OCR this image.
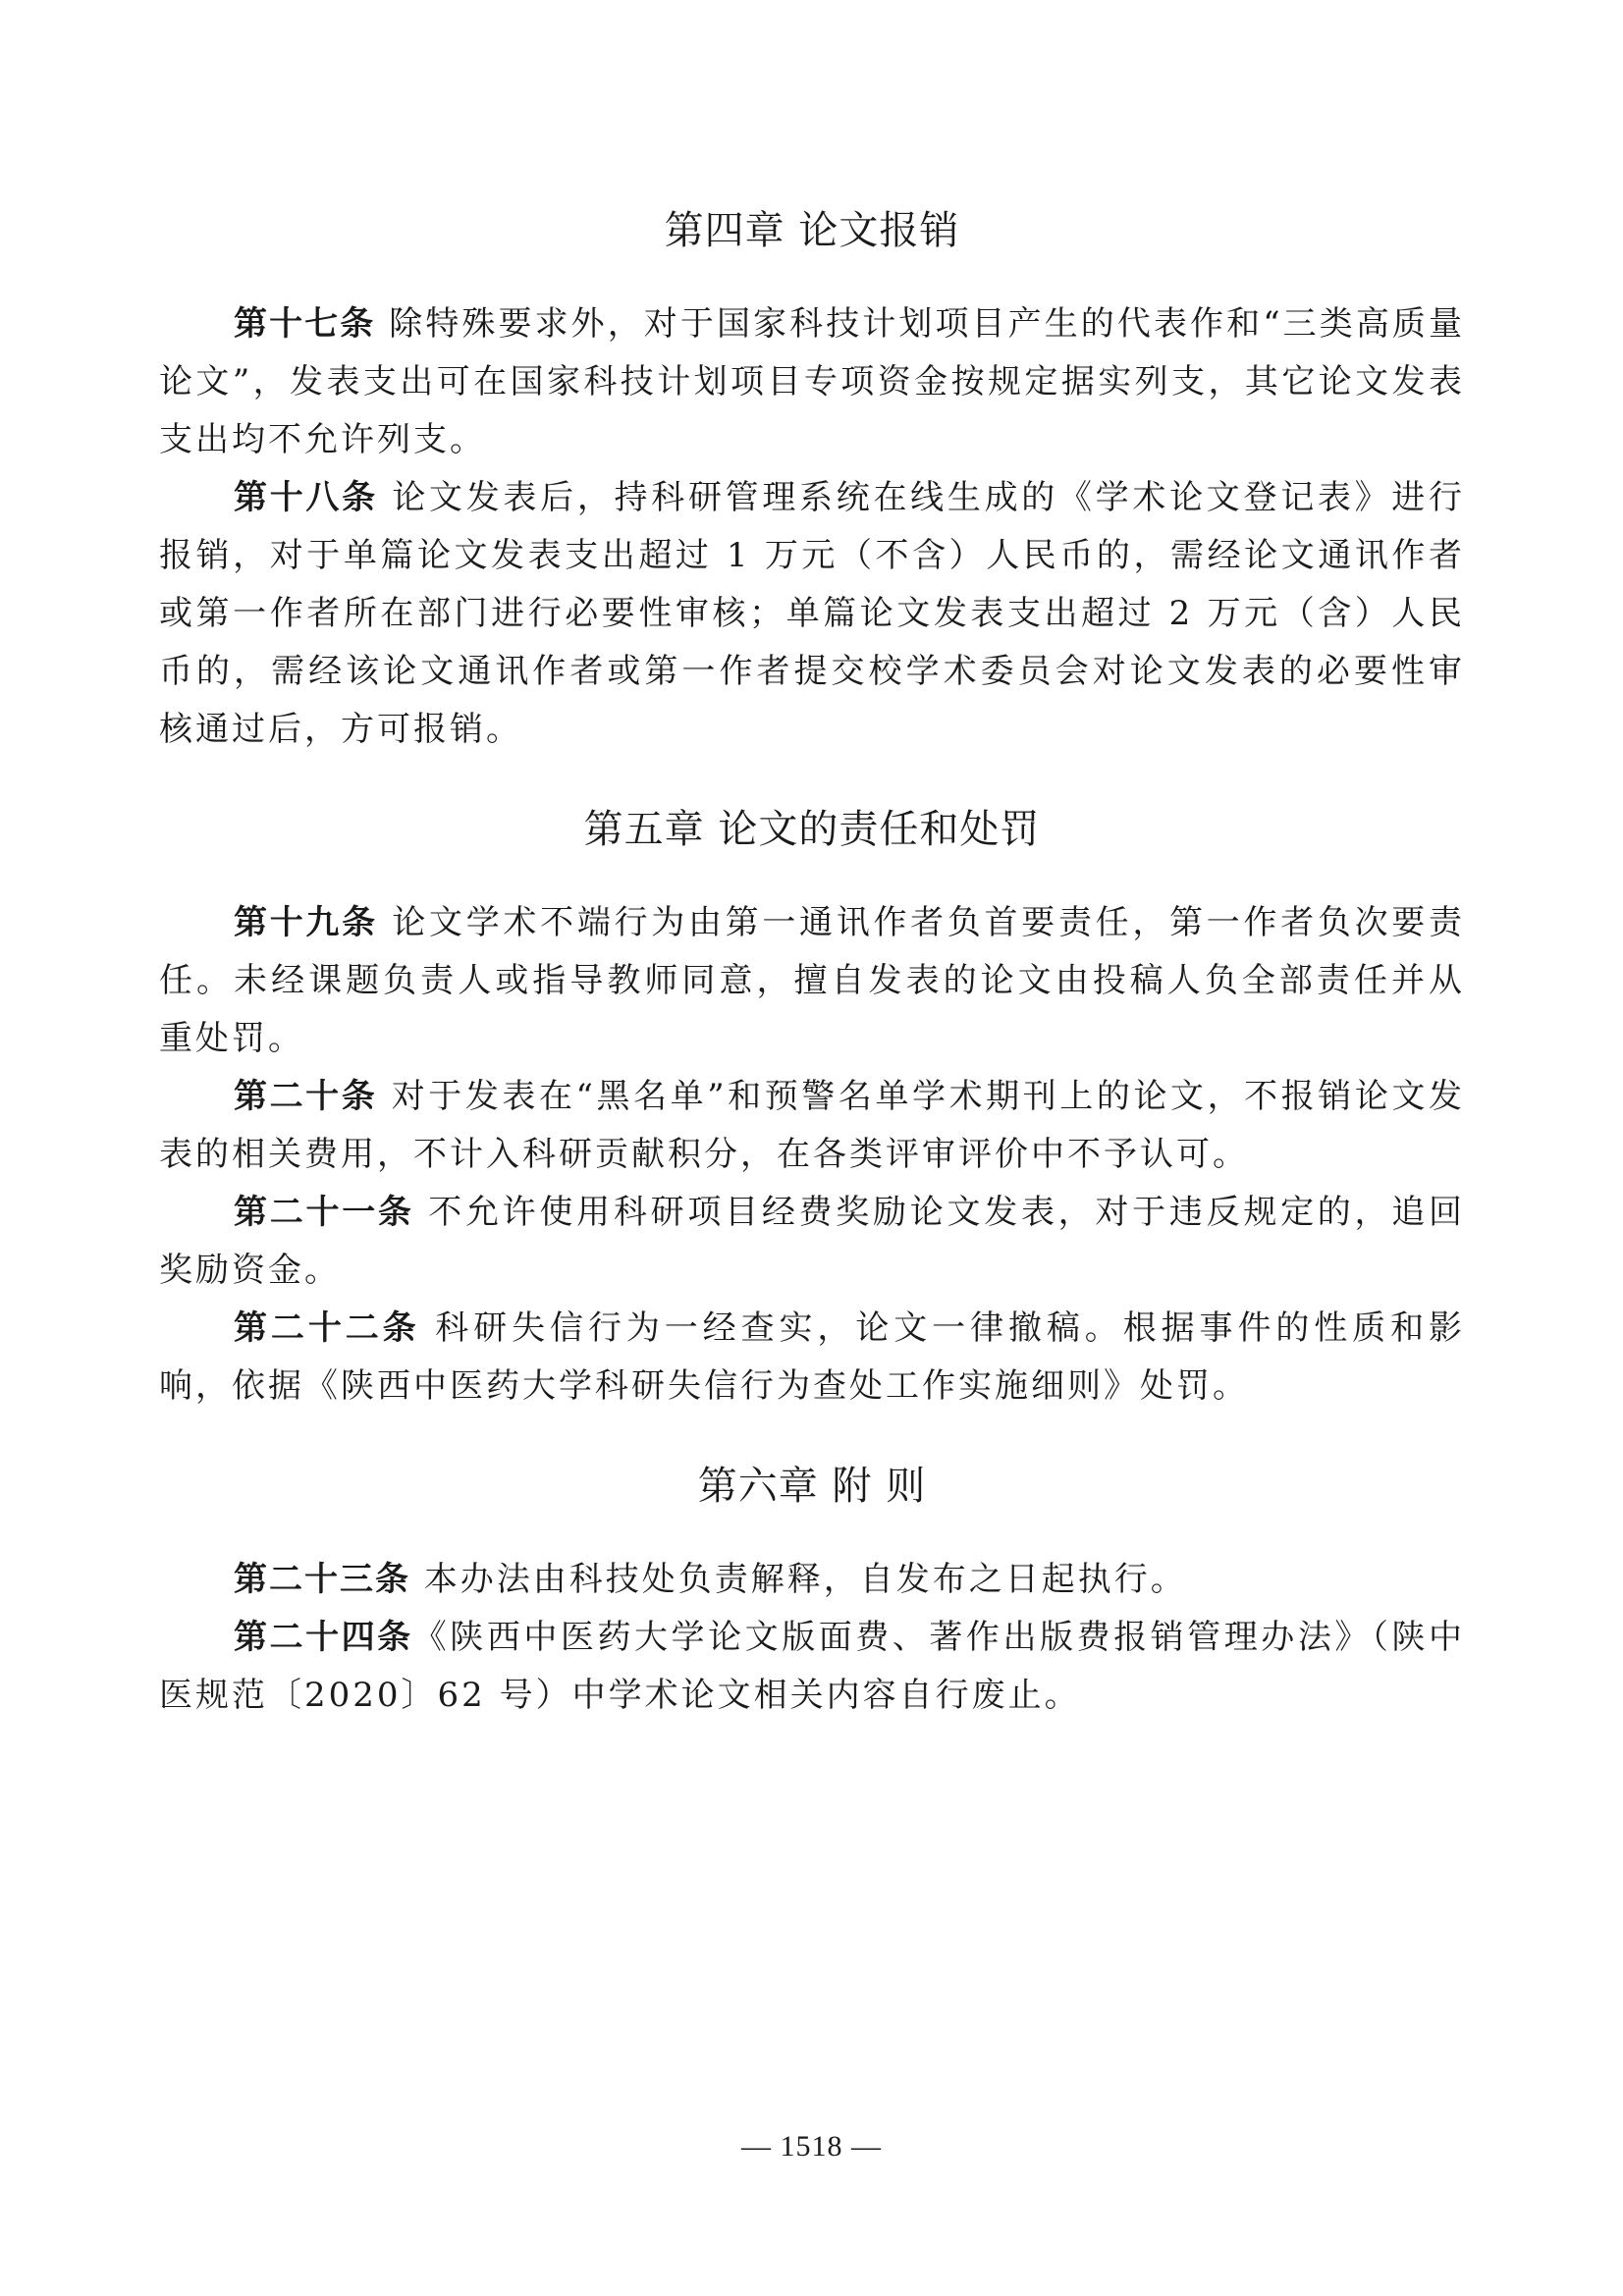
第四章 论文报销

第十七条 除特殊要求外，对于国家科技计划项目产生的代表作和“三类高质量论文”，发表支出可在国家科技计划项目专项资金按规定据实列支，其它论文发表支出均不允许列支。

第十八条 论文发表后，持科研管理系统在线生成的《学术论文登记表》进行报销，对于单篇论文发表支出超过 1 万元（不含）人民币的，需经论文通讯作者或第一作者所在部门进行必要性审核；单篇论文发表支出超过 2 万元（含）人民币的，需经该论文通讯作者或第一作者提交校学术委员会对论文发表的必要性审核通过后，方可报销。

第五章 论文的责任和处罚

第十九条 论文学术不端行为由第一通讯作者负首要责任，第一作者负次要责任。未经课题负责人或指导教师同意，擅自发表的论文由投稿人负全部责任并从重处罚。

第二十条 对于发表在“黑名单”和预警名单学术期刊上的论文，不报销论文发表的相关费用，不计入科研贡献积分，在各类评审评价中不予认可。

第二十一条 不允许使用科研项目经费奖励论文发表，对于违反规定的，追回奖励资金。

第二十二条 科研失信行为一经查实，论文一律撤稿。根据事件的性质和影响，依据《陕西中医药大学科研失信行为查处工作实施细则》处罚。

第六章 附 则

第二十三条 本办法由科技处负责解释，自发布之日起执行。

第二十四条《陕西中医药大学论文版面费、著作出版费报销管理办法》（陕中医规范〔2020〕62 号）中学术论文相关内容自行废止。

— 1518 —
